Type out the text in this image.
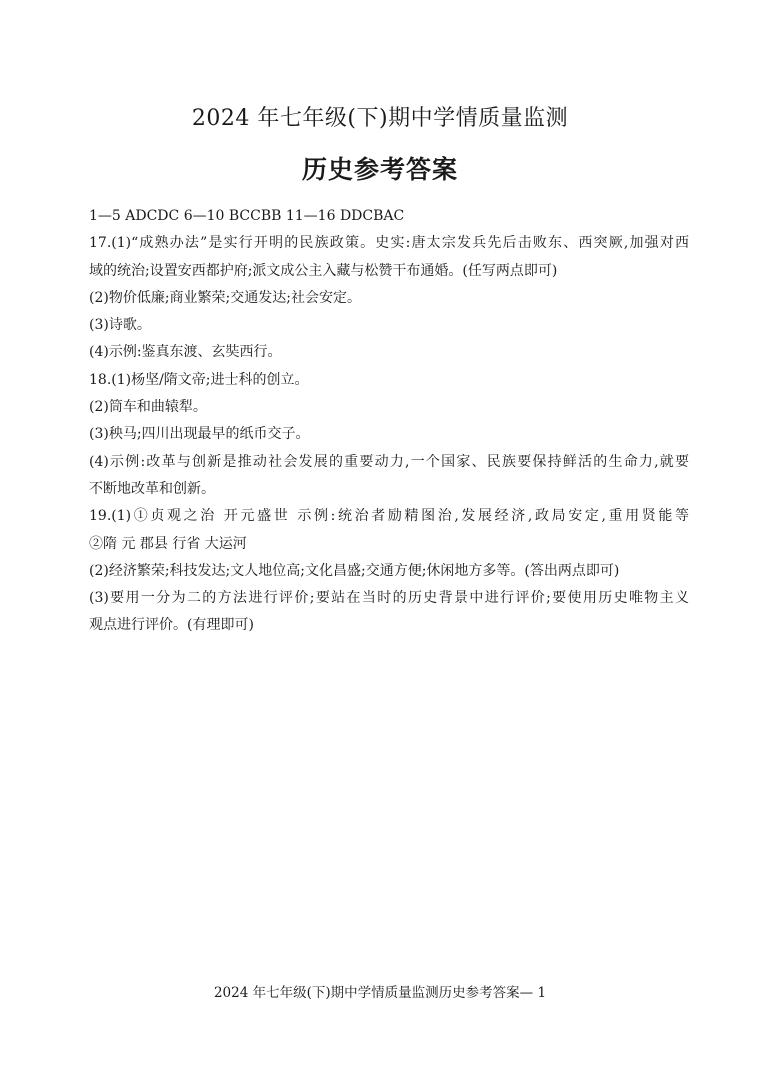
2024 年七年级(下)期中学情质量监测
历史参考答案
1—5 ADCDC 6—10 BCCBB 11—16 DDCBAC
17.(1)“成熟办法”是实行开明的民族政策。史实:唐太宗发兵先后击败东、西突厥,加强对西
域的统治;设置安西都护府;派文成公主入藏与松赞干布通婚。(任写两点即可)
(2)物价低廉;商业繁荣;交通发达;社会安定。
(3)诗歌。
(4)示例:鉴真东渡、玄奘西行。
18.(1)杨坚/隋文帝;进士科的创立。
(2)筒车和曲辕犁。
(3)秧马;四川出现最早的纸币交子。
(4)示例:改革与创新是推动社会发展的重要动力,一个国家、民族要保持鲜活的生命力,就要
不断地改革和创新。
19.(1)①贞观之治 开元盛世 示例:统治者励精图治,发展经济,政局安定,重用贤能等
②隋 元 郡县 行省 大运河
(2)经济繁荣;科技发达;文人地位高;文化昌盛;交通方便;休闲地方多等。(答出两点即可)
(3)要用一分为二的方法进行评价;要站在当时的历史背景中进行评价;要使用历史唯物主义
观点进行评价。(有理即可)
2024 年七年级(下)期中学情质量监测历史参考答案— 1
